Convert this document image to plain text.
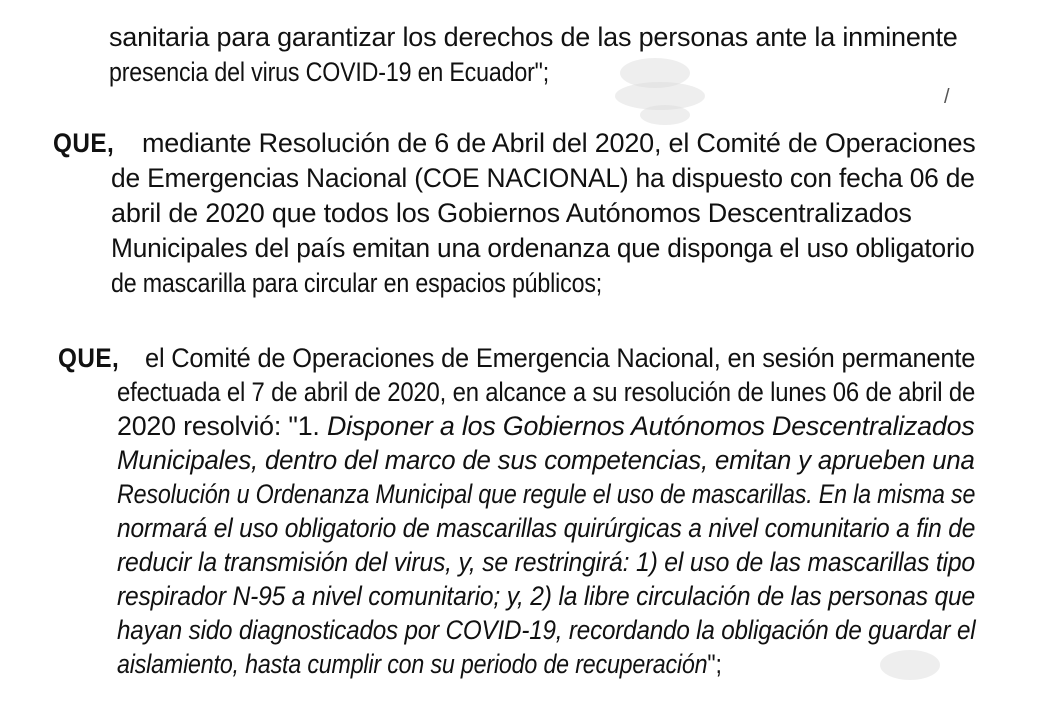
/
sanitaria para garantizar los derechos de las personas ante la inminente
presencia del virus COVID-19 en Ecuador";
QUE, mediante Resolución de 6 de Abril del 2020, el Comité de Operaciones
de Emergencias Nacional (COE NACIONAL) ha dispuesto con fecha 06 de
abril de 2020 que todos los Gobiernos Autónomos Descentralizados
Municipales del país emitan una ordenanza que disponga el uso obligatorio
de mascarilla para circular en espacios públicos;
QUE, el Comité de Operaciones de Emergencia Nacional, en sesión permanente
efectuada el 7 de abril de 2020, en alcance a su resolución de lunes 06 de abril de
2020 resolvió: "1. Disponer a los Gobiernos Autónomos Descentralizados
Municipales, dentro del marco de sus competencias, emitan y aprueben una
Resolución u Ordenanza Municipal que regule el uso de mascarillas. En la misma se
normará el uso obligatorio de mascarillas quirúrgicas a nivel comunitario a fin de
reducir la transmisión del virus, y, se restringirá: 1) el uso de las mascarillas tipo
respirador N-95 a nivel comunitario; y, 2) la libre circulación de las personas que
hayan sido diagnosticados por COVID-19, recordando la obligación de guardar el
aislamiento, hasta cumplir con su periodo de recuperación";
